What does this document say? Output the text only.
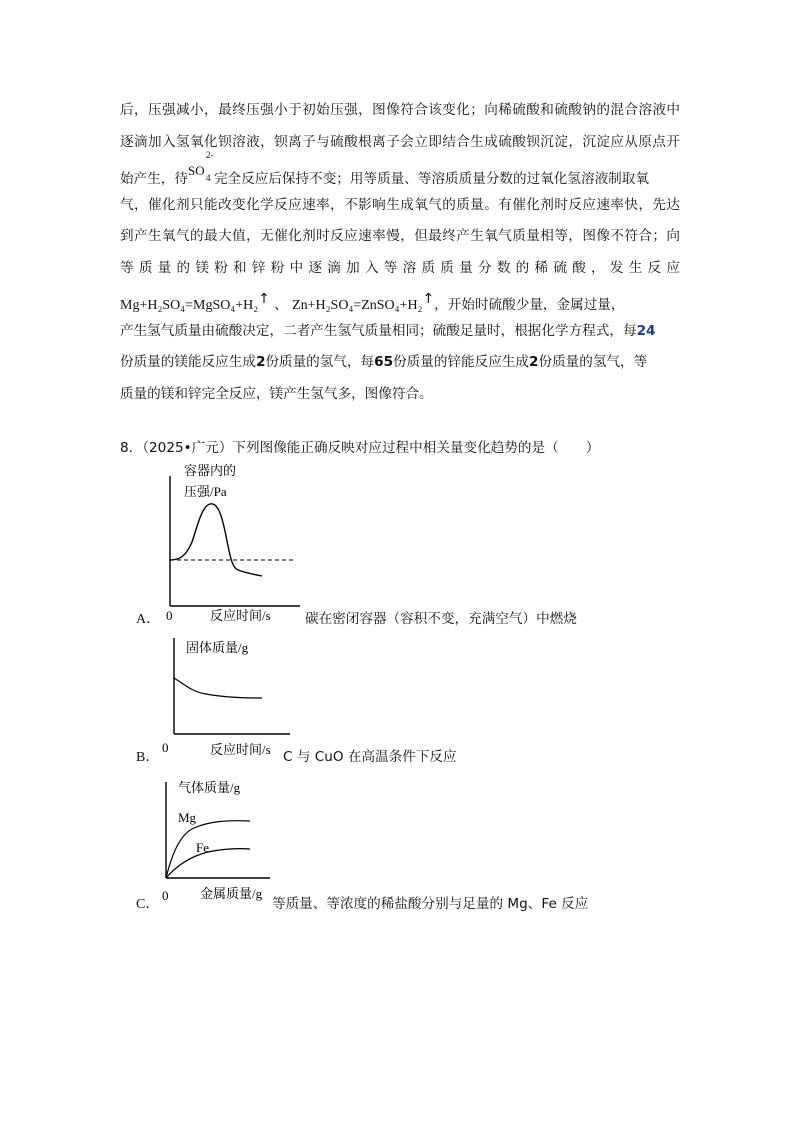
后，压强减小，最终压强小于初始压强，图像符合该变化；向稀硫酸和硫酸钠的混合溶液中
逐滴加入氢氧化钡溶液，钡离子与硫酸根离子会立即结合生成硫酸钡沉淀，沉淀应从原点开
始产生，待
2-
SO 4 完全反应后保持不变；用等质量、等溶质质量分数的过氧化氢溶液制取氧
气，催化剂只能改变化学反应速率，不影响生成氧气的质量。有催化剂时反应速率快，先达
到产生氧气的最大值，无催化剂时反应速率慢，但最终产生氧气质量相等，图像不符合；向
等质量的镁粉和锌粉中逐滴加入等溶质质量分数的稀硫酸，发生反应
Mg+H₂SO₄=MgSO₄+H₂↑ 、 Zn+H₂SO₄=ZnSO₄+H₂↑，开始时硫酸少量，金属过量，
产生氢气质量由硫酸决定，二者产生氢气质量相同；硫酸足量时，根据化学方程式，每24
份质量的镁能反应生成2份质量的氢气，每65份质量的锌能反应生成2份质量的氢气，等
质量的镁和锌完全反应，镁产生氢气多，图像符合。
8．（2025•广元）下列图像能正确反映对应过程中相关量变化趋势的是（　　）
容器内的
压强/Pa
0	反应时间/s
A．	碳在密闭容器（容积不变，充满空气）中燃烧
固体质量/g
0	反应时间/s
B．	C 与 CuO 在高温条件下反应
气体质量/g
Mg
Fe
0 金属质量/g
C．	等质量、等浓度的稀盐酸分别与足量的 Mg、Fe 反应
